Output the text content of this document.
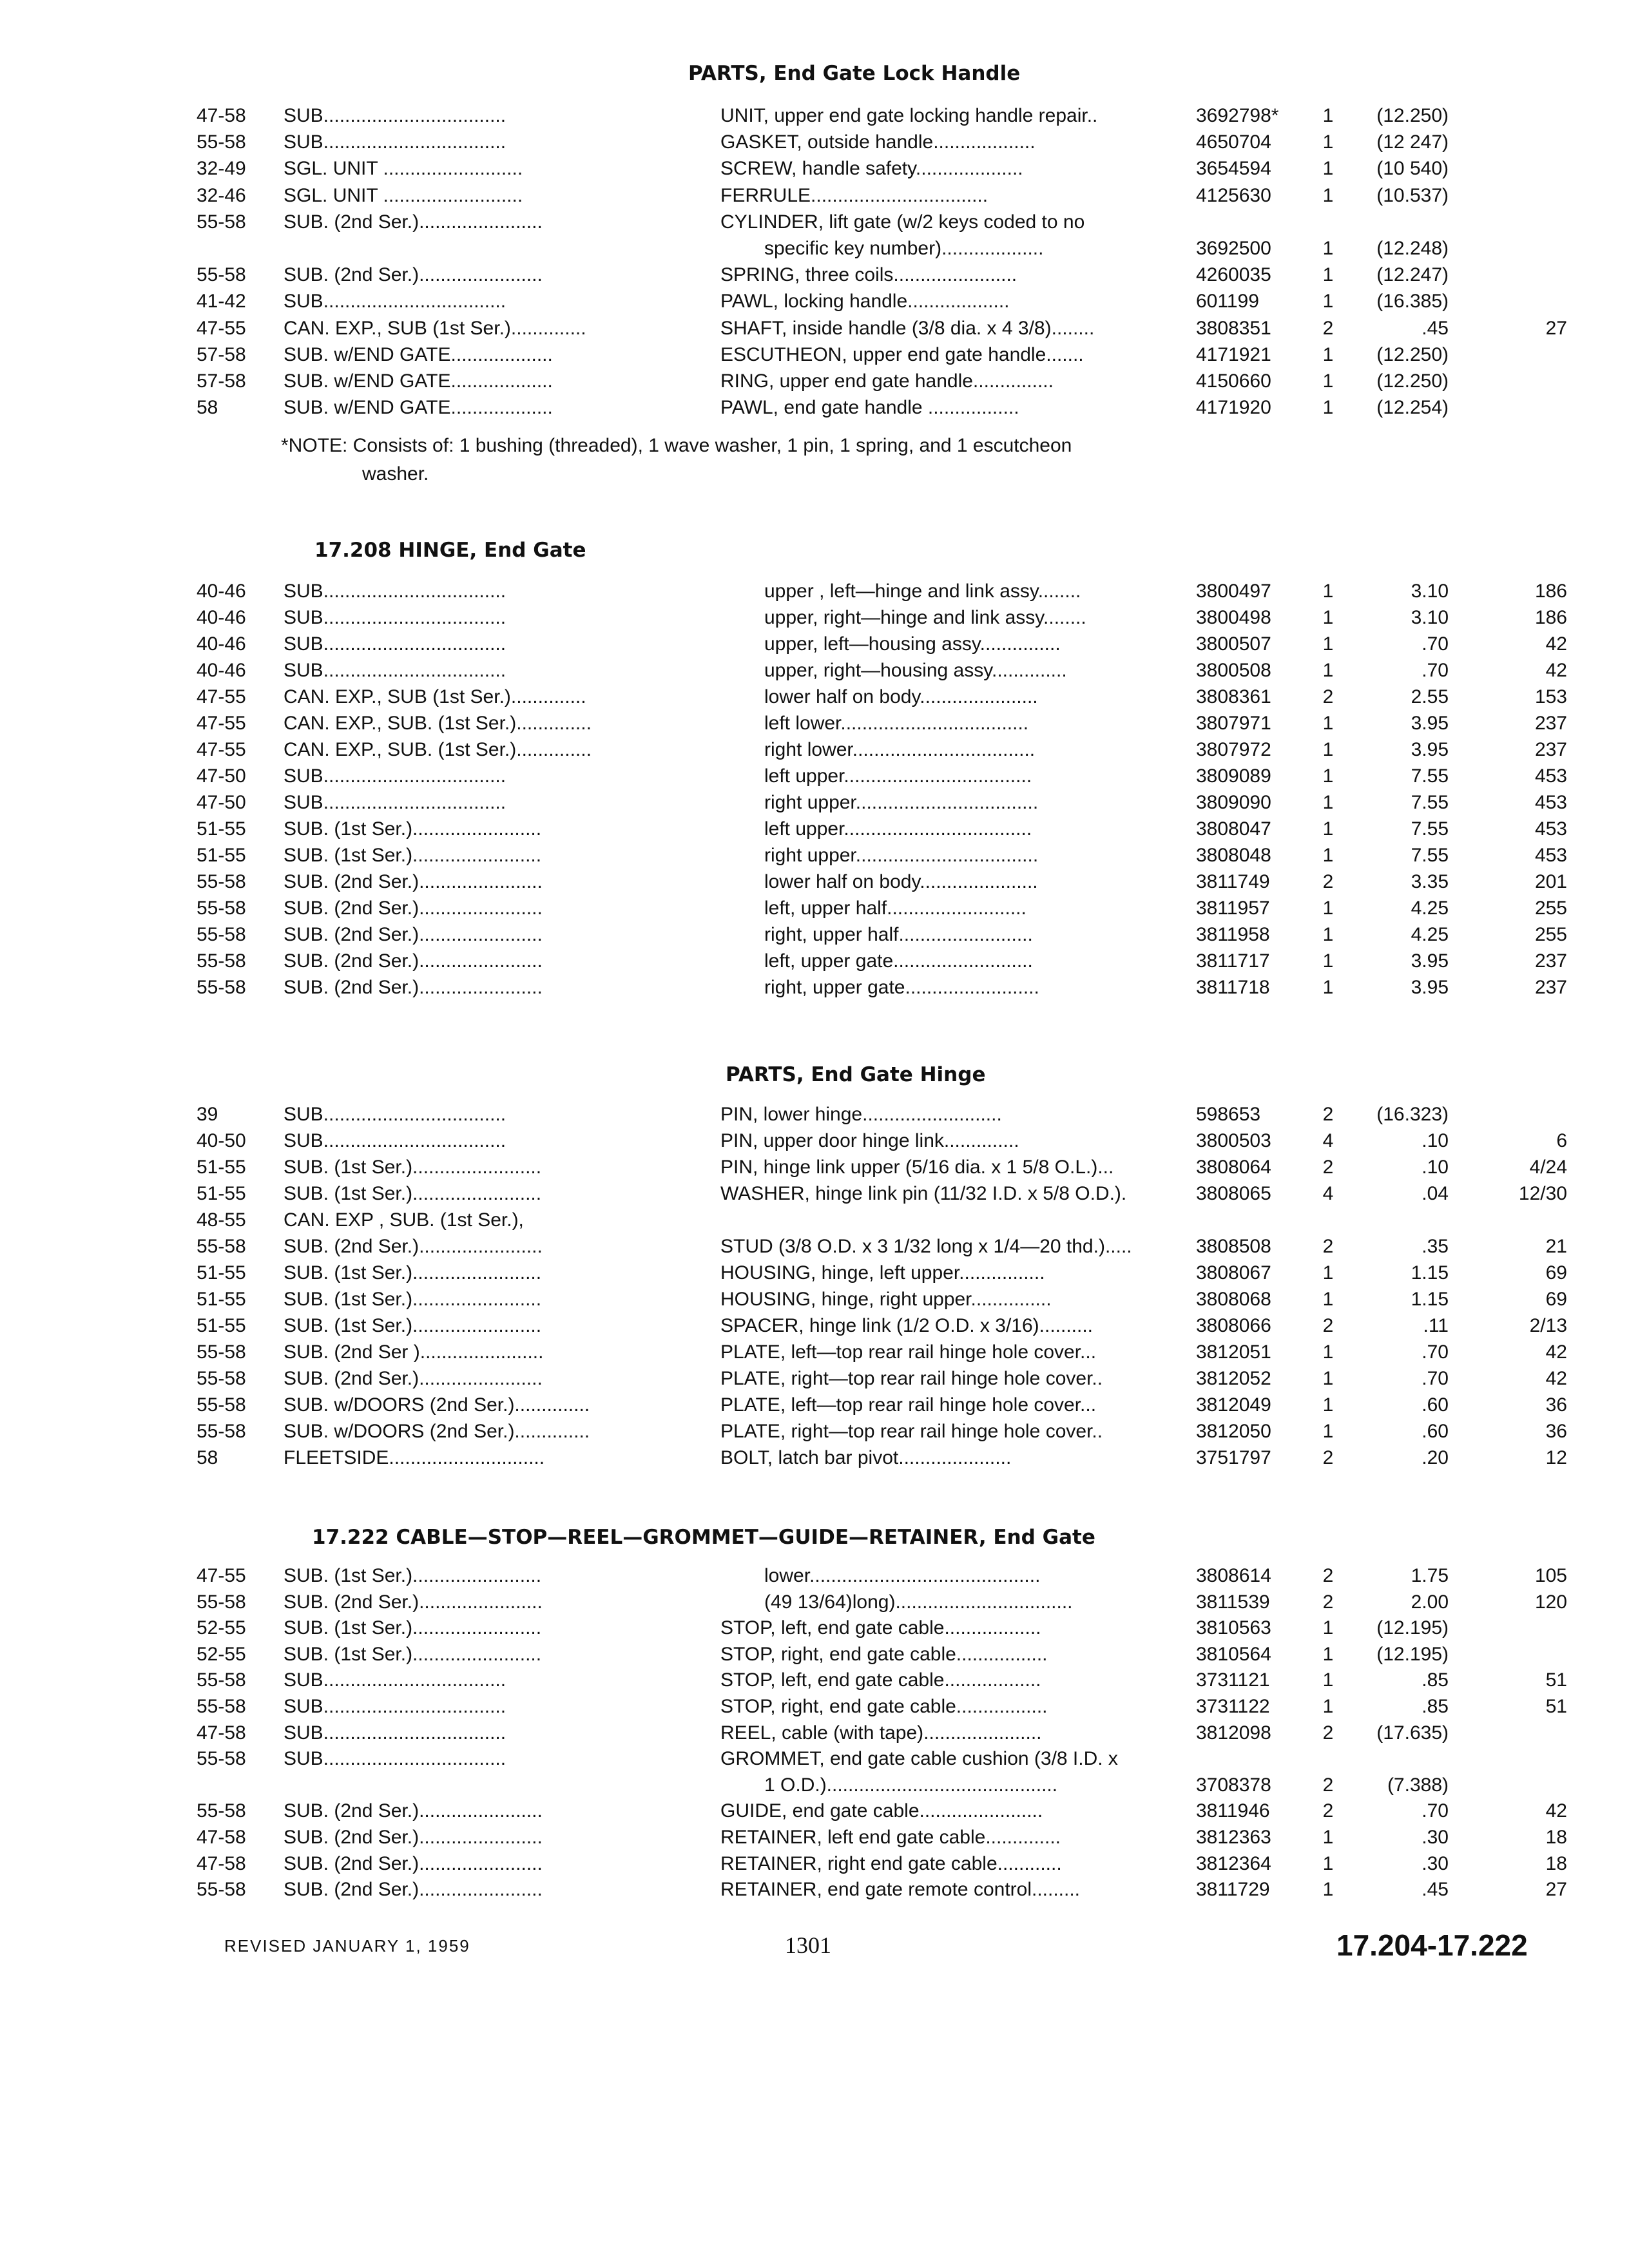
PARTS, End Gate Lock Handle
47-58	SUB..................................	UNIT, upper end gate locking handle repair..	3692798*	1	(12.250)
55-58	SUB..................................	GASKET, outside handle...................	4650704	1	(12 247)
32-49	SGL. UNIT ..........................	SCREW, handle safety....................	3654594	1	(10 540)
32-46	SGL. UNIT ..........................	FERRULE.................................	4125630	1	(10.537)
55-58	SUB. (2nd Ser.).......................	CYLINDER, lift gate (w/2 keys coded to no
specific key number)...................	3692500	1	(12.248)
55-58	SUB. (2nd Ser.).......................	SPRING, three coils.......................	4260035	1	(12.247)
41-42	SUB..................................	PAWL, locking handle...................	601199	1	(16.385)
47-55	CAN. EXP., SUB (1st Ser.)..............	SHAFT, inside handle (3/8 dia. x 4 3/8)........	3808351	2	.45	27
57-58	SUB. w/END GATE...................	ESCUTHEON, upper end gate handle.......	4171921	1	(12.250)
57-58	SUB. w/END GATE...................	RING, upper end gate handle...............	4150660	1	(12.250)
58	SUB. w/END GATE...................	PAWL, end gate handle .................	4171920	1	(12.254)
*NOTE: Consists of: 1 bushing (threaded), 1 wave washer, 1 pin, 1 spring, and 1 escutcheon
washer.
17.208 HINGE, End Gate
40-46	SUB..................................	upper , left—hinge and link assy........	3800497	1	3.10	186
40-46	SUB..................................	upper, right—hinge and link assy........	3800498	1	3.10	186
40-46	SUB..................................	upper, left—housing assy...............	3800507	1	.70	42
40-46	SUB..................................	upper, right—housing assy..............	3800508	1	.70	42
47-55	CAN. EXP., SUB (1st Ser.)..............	lower half on body......................	3808361	2	2.55	153
47-55	CAN. EXP., SUB. (1st Ser.)..............	left lower...................................	3807971	1	3.95	237
47-55	CAN. EXP., SUB. (1st Ser.)..............	right lower..................................	3807972	1	3.95	237
47-50	SUB..................................	left upper...................................	3809089	1	7.55	453
47-50	SUB..................................	right upper..................................	3809090	1	7.55	453
51-55	SUB. (1st Ser.)........................	left upper...................................	3808047	1	7.55	453
51-55	SUB. (1st Ser.)........................	right upper..................................	3808048	1	7.55	453
55-58	SUB. (2nd Ser.).......................	lower half on body......................	3811749	2	3.35	201
55-58	SUB. (2nd Ser.).......................	left, upper half..........................	3811957	1	4.25	255
55-58	SUB. (2nd Ser.).......................	right, upper half.........................	3811958	1	4.25	255
55-58	SUB. (2nd Ser.).......................	left, upper gate..........................	3811717	1	3.95	237
55-58	SUB. (2nd Ser.).......................	right, upper gate.........................	3811718	1	3.95	237
PARTS, End Gate Hinge
39	SUB..................................	PIN, lower hinge..........................	598653	2	(16.323)
40-50	SUB..................................	PIN, upper door hinge link..............	3800503	4	.10	6
51-55	SUB. (1st Ser.)........................	PIN, hinge link upper (5/16 dia. x 1 5/8 O.L.)...	3808064	2	.10	4/24
51-55	SUB. (1st Ser.)........................	WASHER, hinge link pin (11/32 I.D. x 5/8 O.D.).	3808065	4	.04	12/30
48-55	CAN. EXP , SUB. (1st Ser.),
55-58	SUB. (2nd Ser.).......................	STUD (3/8 O.D. x 3 1/32 long x 1/4—20 thd.).....	3808508	2	.35	21
51-55	SUB. (1st Ser.)........................	HOUSING, hinge, left upper................	3808067	1	1.15	69
51-55	SUB. (1st Ser.)........................	HOUSING, hinge, right upper...............	3808068	1	1.15	69
51-55	SUB. (1st Ser.)........................	SPACER, hinge link (1/2 O.D. x 3/16)..........	3808066	2	.11	2/13
55-58	SUB. (2nd Ser ).......................	PLATE, left—top rear rail hinge hole cover...	3812051	1	.70	42
55-58	SUB. (2nd Ser.).......................	PLATE, right—top rear rail hinge hole cover..	3812052	1	.70	42
55-58	SUB. w/DOORS (2nd Ser.)..............	PLATE, left—top rear rail hinge hole cover...	3812049	1	.60	36
55-58	SUB. w/DOORS (2nd Ser.)..............	PLATE, right—top rear rail hinge hole cover..	3812050	1	.60	36
58	FLEETSIDE.............................	BOLT, latch bar pivot.....................	3751797	2	.20	12
17.222 CABLE—STOP—REEL—GROMMET—GUIDE—RETAINER, End Gate
47-55	SUB. (1st Ser.)........................	lower...........................................	3808614	2	1.75	105
55-58	SUB. (2nd Ser.).......................	(49 13/64)long).................................	3811539	2	2.00	120
52-55	SUB. (1st Ser.)........................	STOP, left, end gate cable..................	3810563	1	(12.195)
52-55	SUB. (1st Ser.)........................	STOP, right, end gate cable.................	3810564	1	(12.195)
55-58	SUB..................................	STOP, left, end gate cable..................	3731121	1	.85	51
55-58	SUB..................................	STOP, right, end gate cable.................	3731122	1	.85	51
47-58	SUB..................................	REEL, cable (with tape)......................	3812098	2	(17.635)
55-58	SUB..................................	GROMMET, end gate cable cushion (3/8 I.D. x
1 O.D.)...........................................	3708378	2	(7.388)
55-58	SUB. (2nd Ser.).......................	GUIDE, end gate cable.......................	3811946	2	.70	42
47-58	SUB. (2nd Ser.).......................	RETAINER, left end gate cable..............	3812363	1	.30	18
47-58	SUB. (2nd Ser.).......................	RETAINER, right end gate cable............	3812364	1	.30	18
55-58	SUB. (2nd Ser.).......................	RETAINER, end gate remote control.........	3811729	1	.45	27
REVISED JANUARY 1, 1959	1301	17.204-17.222
